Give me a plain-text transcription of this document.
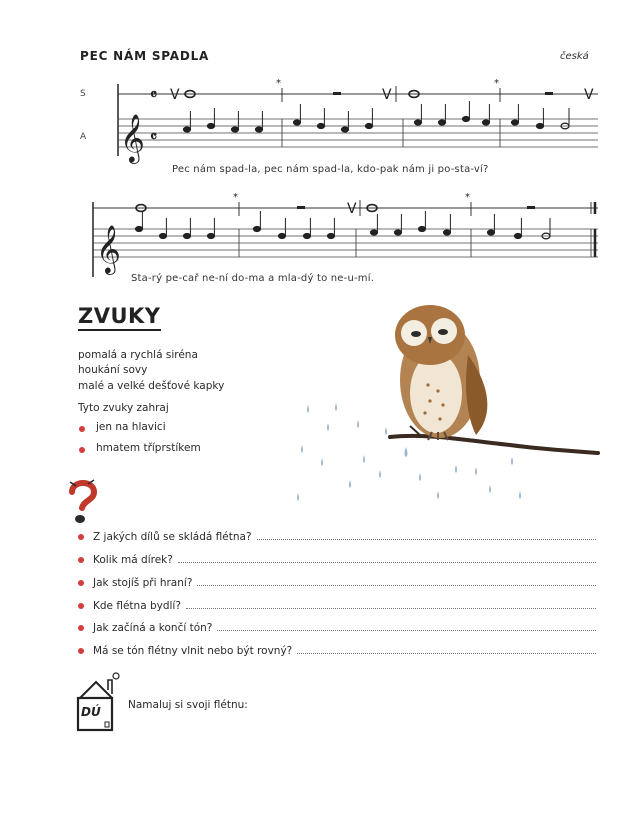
PEC NÁM SPADLA	česká
S
A 𝄞 𝄴
𝄴 V
*
V
*
V
𝄞
*
V
*
Pec nám spad-la, pec nám spad-la, kdo-pak nám ji po-sta-ví?
Sta-rý pe-cař ne-ní do-ma a mla-dý to ne-u-mí.
ZVUKY
pomalá a rychlá siréna
houkání sovy
malé a velké dešťové kapky
Tyto zvuky zahraj
jen na hlavici
hmatem tříprstíkem
Z jakých dílů se skládá flétna?
Kolik má dírek?
Jak stojíš při hraní?
Kde flétna bydlí?
Jak začíná a končí tón?
Má se tón flétny vlnit nebo být rovný?
DÚ	Namaluj si svoji flétnu:
